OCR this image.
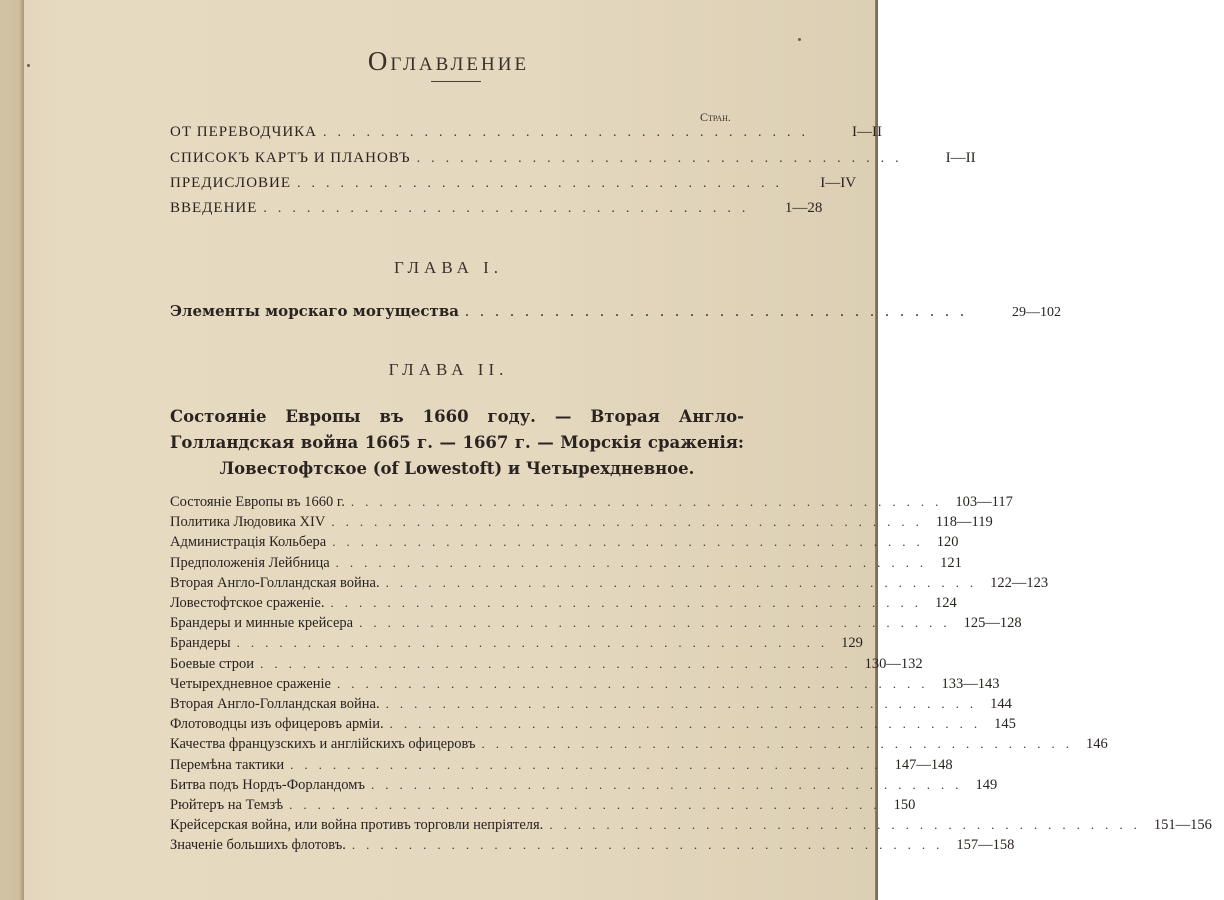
Оглавление
Стран.
ОТ ПЕРЕВОДЧИКА ..................................	I—II
СПИСОКЪ КАРТЪ И ПЛАНОВЪ ..................................	I—II
ПРЕДИСЛОВИЕ ..................................	I—IV
ВВЕДЕНИЕ ..................................	1—28
ГЛАВА I.
Элементы морскаго могущества ..................................	29—102
ГЛАВА II.
Состояніе Европы въ 1660 году. — Вторая Англо-Голландская война 1665 г. — 1667 г. — Морскія сраженія: Ловестофтское (of Lowestoft) и Четырехдневное.
Состояніе Европы въ 1660 г. .......................................... 103—117
Политика Людовика XIV .......................................... 118—119
Администрація Кольбера .......................................... 120
Предположенія Лейбница .......................................... 121
Вторая Англо-Голландская война. .......................................... 122—123
Ловестофтское сраженіе. .......................................... 124
Брандеры и минные крейсера .......................................... 125—128
Брандеры .......................................... 129
Боевые строи .......................................... 130—132
Четырехдневное сраженіе .......................................... 133—143
Вторая Англо-Голландская война. .......................................... 144
Флотоводцы изъ офицеровъ арміи. .......................................... 145
Качества французскихъ и англійскихъ офицеровъ .......................................... 146
Перемѣна тактики .......................................... 147—148
Битва подъ Нордъ-Форландомъ .......................................... 149
Рюйтеръ на Темзѣ .......................................... 150
Крейсерская война, или война противъ торговли непріятеля. .......................................... 151—156
Значеніе большихъ флотовъ. .......................................... 157—158
